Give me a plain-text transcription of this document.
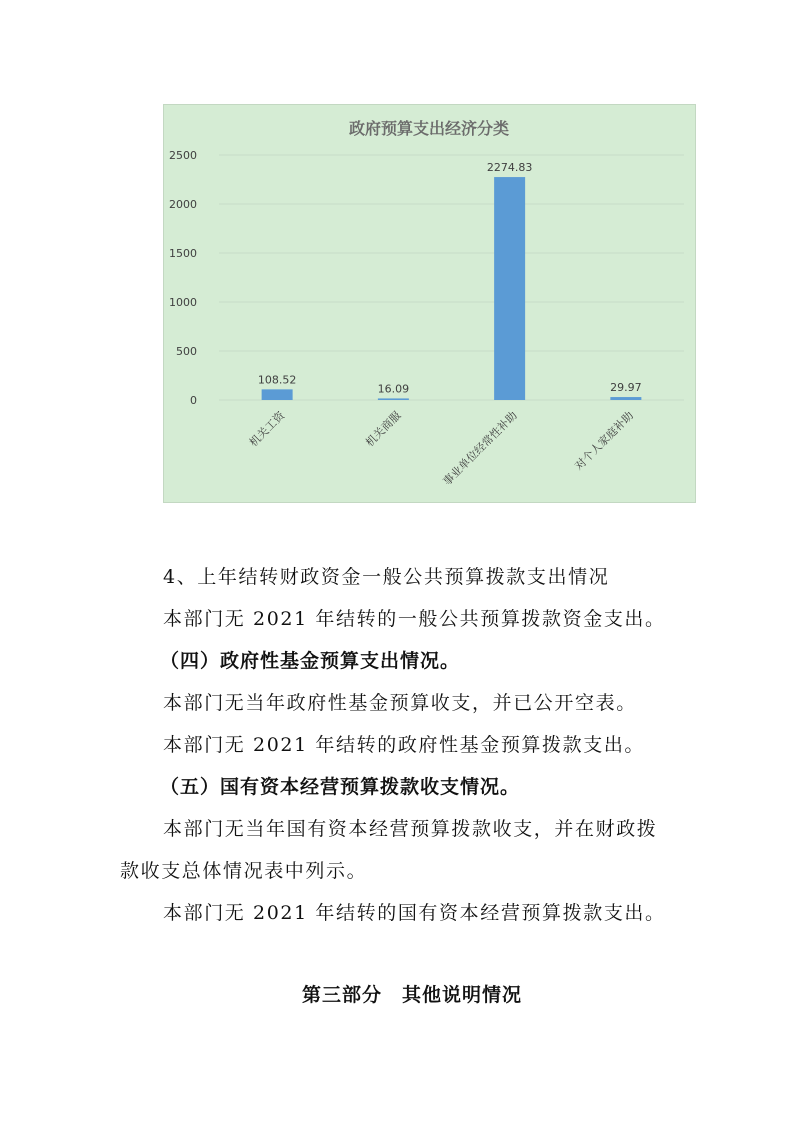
政府预算支出经济分类
0
500
1000
1500
2000
2500
108.52
机关工资
16.09
机关商服
2274.83
事业单位经常性补助
29.97
对个人家庭补助

4、上年结转财政资金一般公共预算拨款支出情况

本部门无 2021 年结转的一般公共预算拨款资金支出。

（四）政府性基金预算支出情况。

本部门无当年政府性基金预算收支，并已公开空表。

本部门无 2021 年结转的政府性基金预算拨款支出。

（五）国有资本经营预算拨款收支情况。

本部门无当年国有资本经营预算拨款收支，并在财政拨

款收支总体情况表中列示。

本部门无 2021 年结转的国有资本经营预算拨款支出。

第三部分　其他说明情况
